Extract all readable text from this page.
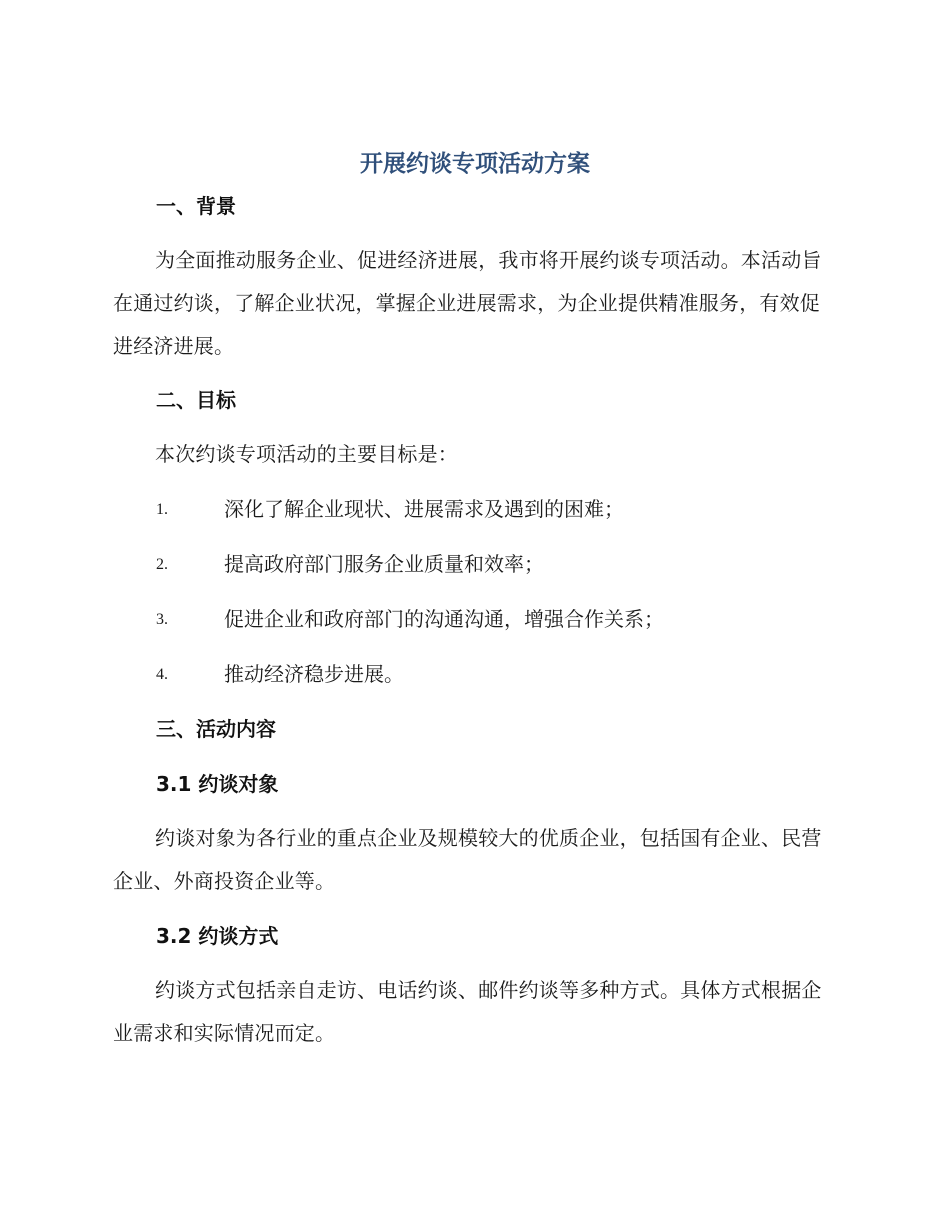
开展约谈专项活动方案
一、背景
为全面推动服务企业、促进经济进展，我市将开展约谈专项活动。本活动旨在通过约谈，了解企业状况，掌握企业进展需求，为企业提供精准服务，有效促进经济进展。
二、目标
本次约谈专项活动的主要目标是：
1.	深化了解企业现状、进展需求及遇到的困难；
2.	提高政府部门服务企业质量和效率；
3.	促进企业和政府部门的沟通沟通，增强合作关系；
4.	推动经济稳步进展。
三、活动内容
3.1 约谈对象
约谈对象为各行业的重点企业及规模较大的优质企业，包括国有企业、民营企业、外商投资企业等。
3.2 约谈方式
约谈方式包括亲自走访、电话约谈、邮件约谈等多种方式。具体方式根据企业需求和实际情况而定。
